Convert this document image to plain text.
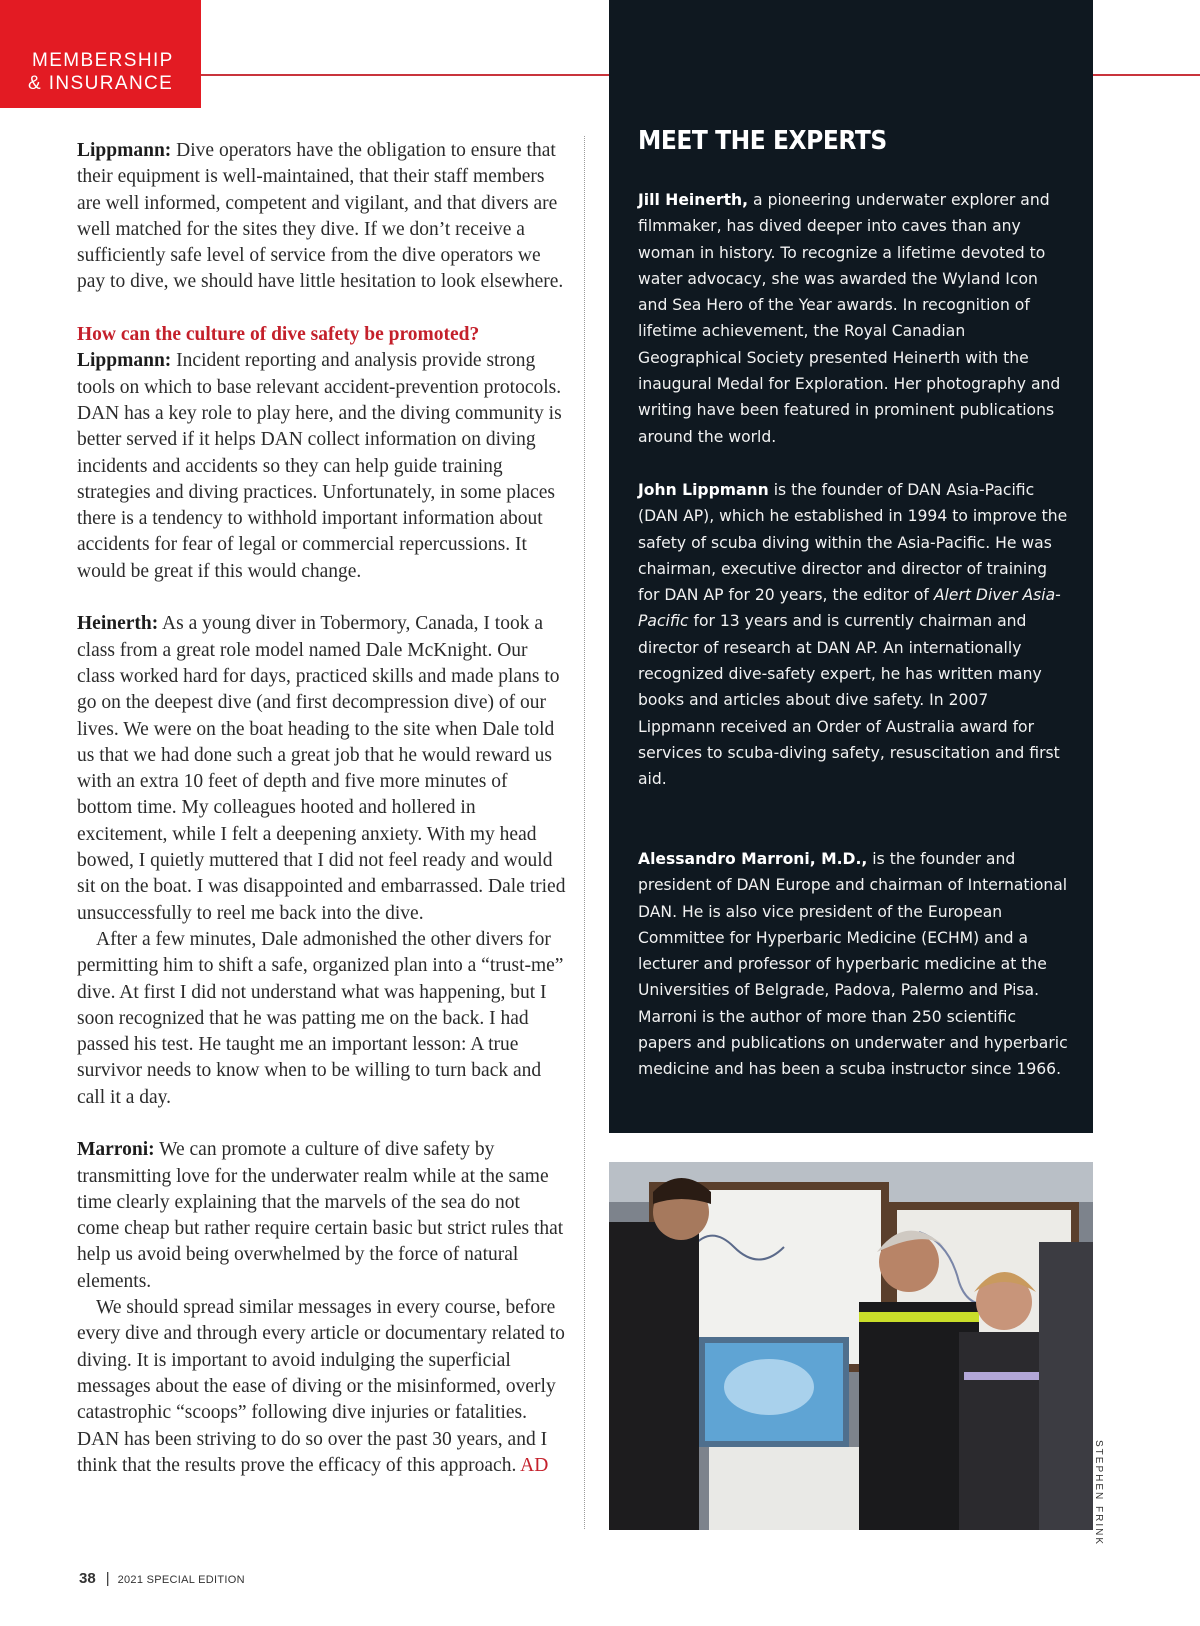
MEMBERSHIP
& INSURANCE

Lippmann: Dive operators have the obligation to ensure that their equipment is well-maintained, that their staff members are well informed, competent and vigilant, and that divers are well matched for the sites they dive. If we don’t receive a sufficiently safe level of service from the dive operators we pay to dive, we should have little hesitation to look elsewhere.

How can the culture of dive safety be promoted?
Lippmann: Incident reporting and analysis provide strong tools on which to base relevant accident-prevention protocols. DAN has a key role to play here, and the diving community is better served if it helps DAN collect information on diving incidents and accidents so they can help guide training strategies and diving practices. Unfortunately, in some places there is a tendency to withhold important information about accidents for fear of legal or commercial repercussions. It would be great if this would change.

Heinerth: As a young diver in Tobermory, Canada, I took a class from a great role model named Dale McKnight. Our class worked hard for days, practiced skills and made plans to go on the deepest dive (and first decompression dive) of our lives. We were on the boat heading to the site when Dale told us that we had done such a great job that he would reward us with an extra 10 feet of depth and five more minutes of bottom time. My colleagues hooted and hollered in excitement, while I felt a deepening anxiety. With my head bowed, I quietly muttered that I did not feel ready and would sit on the boat. I was disappointed and embarrassed. Dale tried unsuccessfully to reel me back into the dive.

After a few minutes, Dale admonished the other divers for permitting him to shift a safe, organized plan into a “trust-me” dive. At first I did not understand what was happening, but I soon recognized that he was patting me on the back. I had passed his test. He taught me an important lesson: A true survivor needs to know when to be willing to turn back and call it a day.

Marroni: We can promote a culture of dive safety by transmitting love for the underwater realm while at the same time clearly explaining that the marvels of the sea do not come cheap but rather require certain basic but strict rules that help us avoid being overwhelmed by the force of natural elements.

We should spread similar messages in every course, before every dive and through every article or documentary related to diving. It is important to avoid indulging the superficial messages about the ease of diving or the misinformed, overly catastrophic “scoops” following dive injuries or fatalities. DAN has been striving to do so over the past 30 years, and I think that the results prove the efficacy of this approach. AD

MEET THE EXPERTS
Jill Heinerth, a pioneering underwater explorer and filmmaker, has dived deeper into caves than any woman in history. To recognize a lifetime devoted to water advocacy, she was awarded the Wyland Icon and Sea Hero of the Year awards. In recognition of lifetime achievement, the Royal Canadian Geographical Society presented Heinerth with the inaugural Medal for Exploration. Her photography and writing have been featured in prominent publications around the world.
John Lippmann is the founder of DAN Asia-Pacific (DAN AP), which he established in 1994 to improve the safety of scuba diving within the Asia-Pacific. He was chairman, executive director and director of training for DAN AP for 20 years, the editor of Alert Diver Asia-Pacific for 13 years and is currently chairman and director of research at DAN AP. An internationally recognized dive-safety expert, he has written many books and articles about dive safety. In 2007 Lippmann received an Order of Australia award for services to scuba-diving safety, resuscitation and first aid.
Alessandro Marroni, M.D., is the founder and president of DAN Europe and chairman of International DAN. He is also vice president of the European Committee for Hyperbaric Medicine (ECHM) and a lecturer and professor of hyperbaric medicine at the Universities of Belgrade, Padova, Palermo and Pisa. Marroni is the author of more than 250 scientific papers and publications on underwater and hyperbaric medicine and has been a scuba instructor since 1966.
STEPHEN FRINK
38 | 2021 SPECIAL EDITION
